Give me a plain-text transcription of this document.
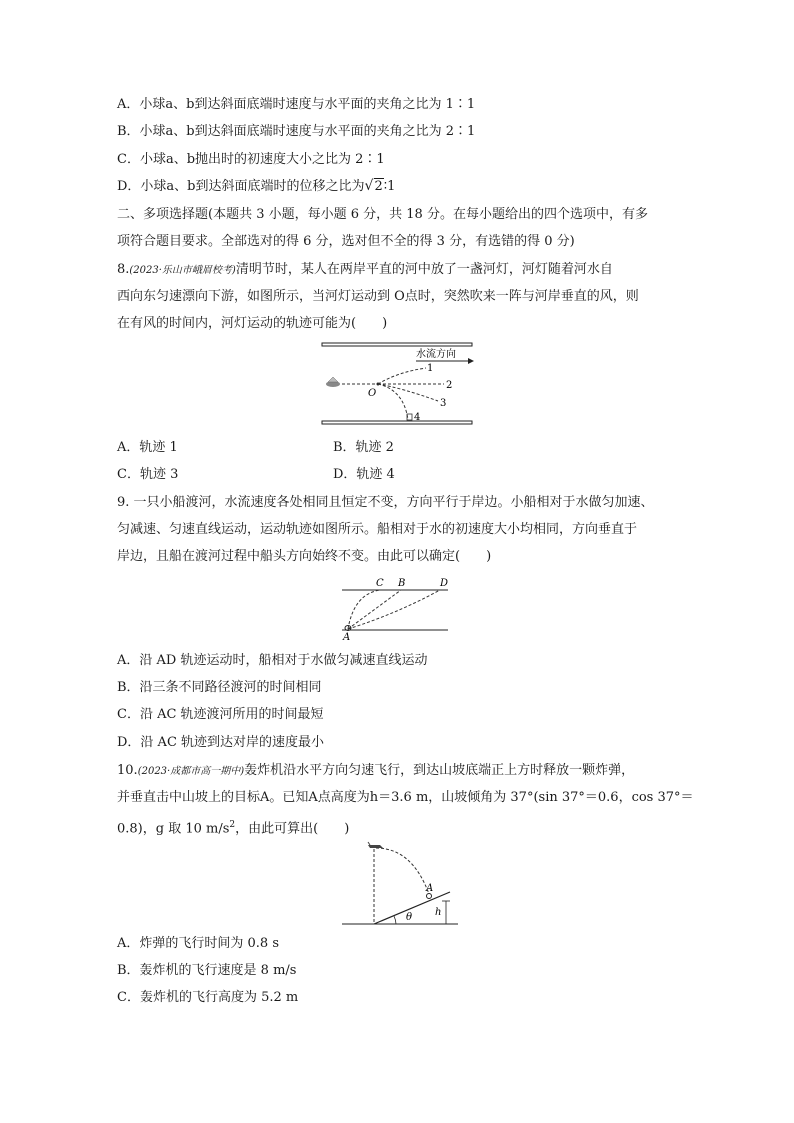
A．小球a、b到达斜面底端时速度与水平面的夹角之比为 1∶1
B．小球a、b到达斜面底端时速度与水平面的夹角之比为 2∶1
C．小球a、b抛出时的初速度大小之比为 2∶1
D．小球a、b到达斜面底端时的位移之比为 √ 2∶1
二、多项选择题(本题共 3 小题，每小题 6 分，共 18 分。在每小题给出的四个选项中，有多
项符合题目要求。全部选对的得 6 分，选对但不全的得 3 分，有选错的得 0 分)
8.(2023·乐山市峨眉校考)清明节时，某人在两岸平直的河中放了一盏河灯，河灯随着河水自
西向东匀速漂向下游，如图所示，当河灯运动到 O点时，突然吹来一阵与河岸垂直的风，则
在有风的时间内，河灯运动的轨迹可能为(　　)
水流方向
O
1
2
3
4
A．轨迹 1	B．轨迹 2
C．轨迹 3	D．轨迹 4
9. 一只小船渡河，水流速度各处相同且恒定不变，方向平行于岸边。小船相对于水做匀加速、
匀减速、匀速直线运动，运动轨迹如图所示。船相对于水的初速度大小均相同，方向垂直于
岸边，且船在渡河过程中船头方向始终不变。由此可以确定(　　)
A
C B	D
A．沿 AD 轨迹运动时，船相对于水做匀减速直线运动
B．沿三条不同路径渡河的时间相同
C．沿 AC 轨迹渡河所用的时间最短
D．沿 AC 轨迹到达对岸的速度最小
10.(2023·成都市高一期中)轰炸机沿水平方向匀速飞行，到达山坡底端正上方时释放一颗炸弹，
并垂直击中山坡上的目标A。已知A点高度为h＝3.6 m，山坡倾角为 37°(sin 37°＝0.6，cos 37°＝
0.8)，g 取 10 $m/s^2$，由此可算出(　　)
A
θ h
A．炸弹的飞行时间为 0.8 s
B．轰炸机的飞行速度是 8 m/s
C．轰炸机的飞行高度为 5.2 m
